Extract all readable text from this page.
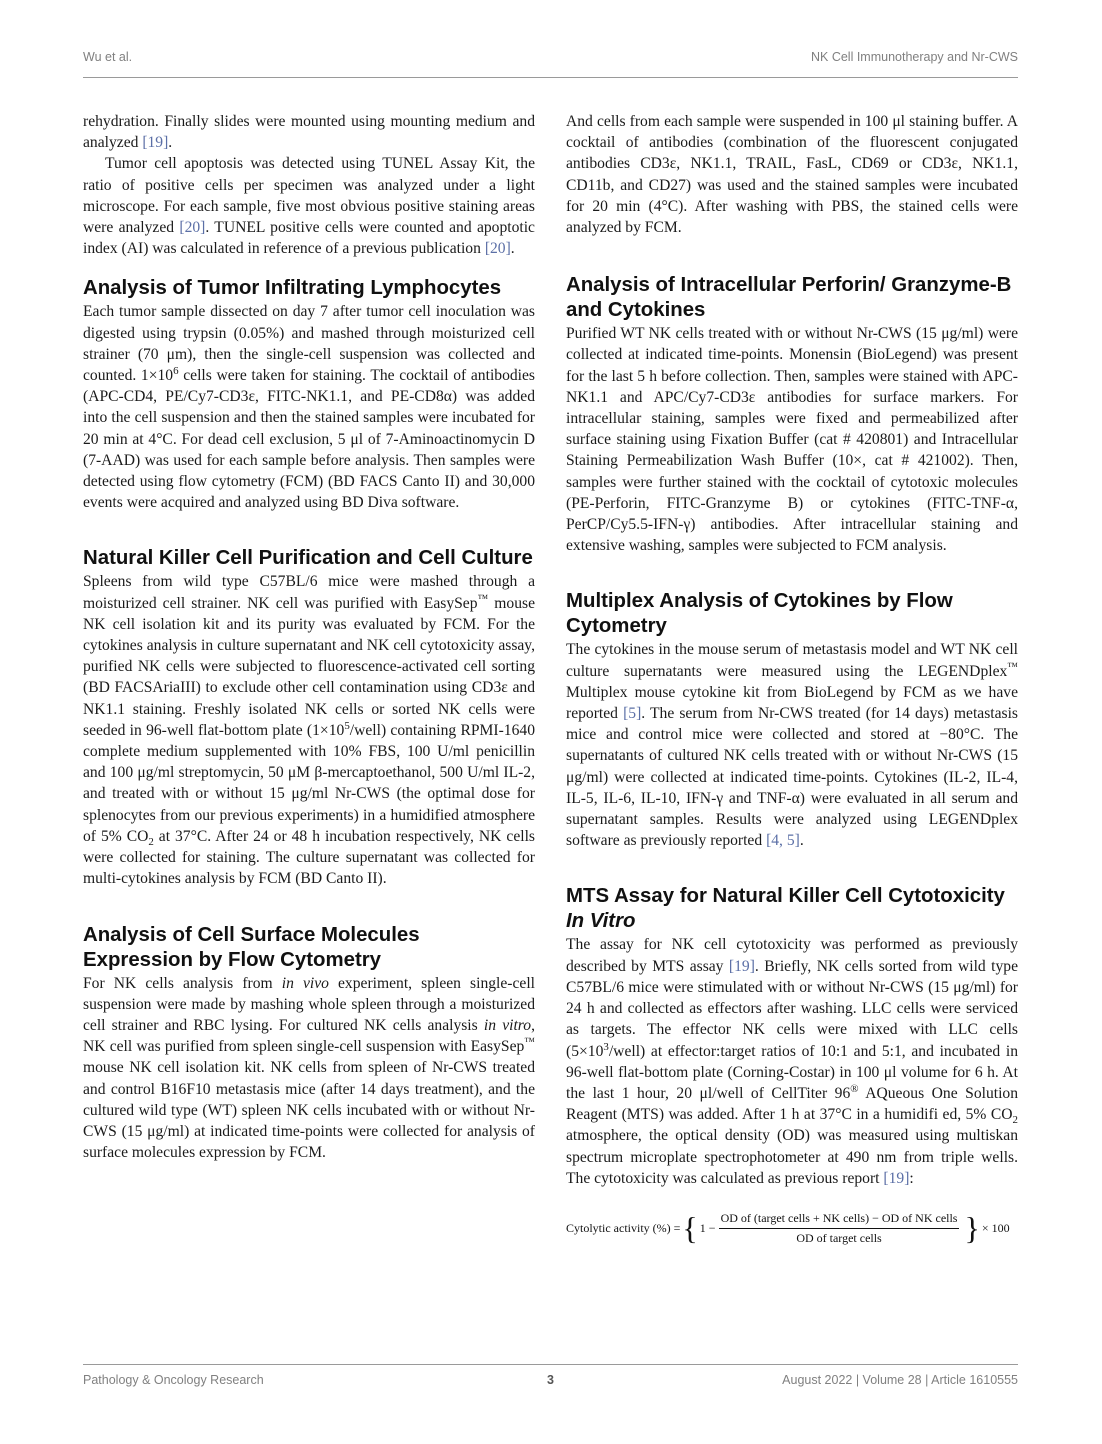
Wu et al.	NK Cell Immunotherapy and Nr-CWS

rehydration. Finally slides were mounted using mounting medium and analyzed [19].

Tumor cell apoptosis was detected using TUNEL Assay Kit, the ratio of positive cells per specimen was analyzed under a light microscope. For each sample, five most obvious positive staining areas were analyzed [20]. TUNEL positive cells were counted and apoptotic index (AI) was calculated in reference of a previous publication [20].

Analysis of Tumor Infiltrating Lymphocytes

Each tumor sample dissected on day 7 after tumor cell inoculation was digested using trypsin (0.05%) and mashed through moisturized cell strainer (70 μm), then the single-cell suspension was collected and counted. $1\times 10^6$ cells were taken for staining. The cocktail of antibodies (APC-CD4, PE/Cy7-CD3ε, FITC-NK1.1, and PE-CD8α) was added into the cell suspension and then the stained samples were incubated for 20 min at 4°C. For dead cell exclusion, 5 μl of 7-Aminoactinomycin D (7-AAD) was used for each sample before analysis. Then samples were detected using flow cytometry (FCM) (BD FACS Canto II) and 30,000 events were acquired and analyzed using BD Diva software.

Natural Killer Cell Purification and Cell Culture

Spleens from wild type C57BL/6 mice were mashed through a moisturized cell strainer. NK cell was purified with EasySep™ mouse NK cell isolation kit and its purity was evaluated by FCM. For the cytokines analysis in culture supernatant and NK cell cytotoxicity assay, purified NK cells were subjected to fluorescence-activated cell sorting (BD FACSAriaIII) to exclude other cell contamination using CD3ε and NK1.1 staining. Freshly isolated NK cells or sorted NK cells were seeded in 96-well flat-bottom plate $(1\times 10^5/well)$ containing RPMI-1640 complete medium supplemented with 10% FBS, 100 U/ml penicillin and 100 μg/ml streptomycin, 50 μM β-mercaptoethanol, 500 U/ml IL-2, and treated with or without 15 μg/ml Nr-CWS (the optimal dose for splenocytes from our previous experiments) in a humidified atmosphere of 5% $CO_2$ at 37°C. After 24 or 48 h incubation respectively, NK cells were collected for staining. The culture supernatant was collected for multi-cytokines analysis by FCM (BD Canto II).

Analysis of Cell Surface Molecules Expression by Flow Cytometry

For NK cells analysis from in vivo experiment, spleen single-cell suspension were made by mashing whole spleen through a moisturized cell strainer and RBC lysing. For cultured NK cells analysis in vitro, NK cell was purified from spleen single-cell suspension with EasySep™ mouse NK cell isolation kit. NK cells from spleen of Nr-CWS treated and control B16F10 metastasis mice (after 14 days treatment), and the cultured wild type (WT) spleen NK cells incubated with or without Nr-CWS (15 μg/ml) at indicated time-points were collected for analysis of surface molecules expression by FCM.

And cells from each sample were suspended in 100 μl staining buffer. A cocktail of antibodies (combination of the fluorescent conjugated antibodies CD3ε, NK1.1, TRAIL, FasL, CD69 or CD3ε, NK1.1, CD11b, and CD27) was used and the stained samples were incubated for 20 min (4°C). After washing with PBS, the stained cells were analyzed by FCM.

Analysis of Intracellular Perforin/ Granzyme-B and Cytokines

Purified WT NK cells treated with or without Nr-CWS (15 μg/ml) were collected at indicated time-points. Monensin (BioLegend) was present for the last 5 h before collection. Then, samples were stained with APC-NK1.1 and APC/Cy7-CD3ε antibodies for surface markers. For intracellular staining, samples were fixed and permeabilized after surface staining using Fixation Buffer (cat # 420801) and Intracellular Staining Permeabilization Wash Buffer (10×, cat # 421002). Then, samples were further stained with the cocktail of cytotoxic molecules (PE-Perforin, FITC-Granzyme B) or cytokines (FITC-TNF-α, PerCP/Cy5.5-IFN-γ) antibodies. After intracellular staining and extensive washing, samples were subjected to FCM analysis.

Multiplex Analysis of Cytokines by Flow Cytometry

The cytokines in the mouse serum of metastasis model and WT NK cell culture supernatants were measured using the LEGENDplex™ Multiplex mouse cytokine kit from BioLegend by FCM as we have reported [5]. The serum from Nr-CWS treated (for 14 days) metastasis mice and control mice were collected and stored at −80°C. The supernatants of cultured NK cells treated with or without Nr-CWS (15 μg/ml) were collected at indicated time-points. Cytokines (IL-2, IL-4, IL-5, IL-6, IL-10, IFN-γ and TNF-α) were evaluated in all serum and supernatant samples. Results were analyzed using LEGENDplex software as previously reported [4, 5].

MTS Assay for Natural Killer Cell Cytotoxicity In Vitro

The assay for NK cell cytotoxicity was performed as previously described by MTS assay [19]. Briefly, NK cells sorted from wild type C57BL/6 mice were stimulated with or without Nr-CWS (15 μg/ml) for 24 h and collected as effectors after washing. LLC cells were serviced as targets. The effector NK cells were mixed with LLC cells $(5\times 10^3/well)$ at effector:target ratios of 10:1 and 5:1, and incubated in 96-well flat-bottom plate (Corning-Costar) in 100 μl volume for 6 h. At the last 1 hour, 20 μl/well of CellTiter 96® AQueous One Solution Reagent (MTS) was added. After 1 h at 37°C in a humidifi ed, 5% $CO_2$ atmosphere, the optical density (OD) was measured using multiskan spectrum microplate spectrophotometer at 490 nm from triple wells. The cytotoxicity was calculated as previous report [19]:

Cytolytic activity (%) = { $1 - \frac{\text{OD of (target cells + NK cells) − OD of NK cells}}{\text{OD of target cells}}$ } × 100
Pathology & Oncology Research	3	August 2022 | Volume 28 | Article 1610555
